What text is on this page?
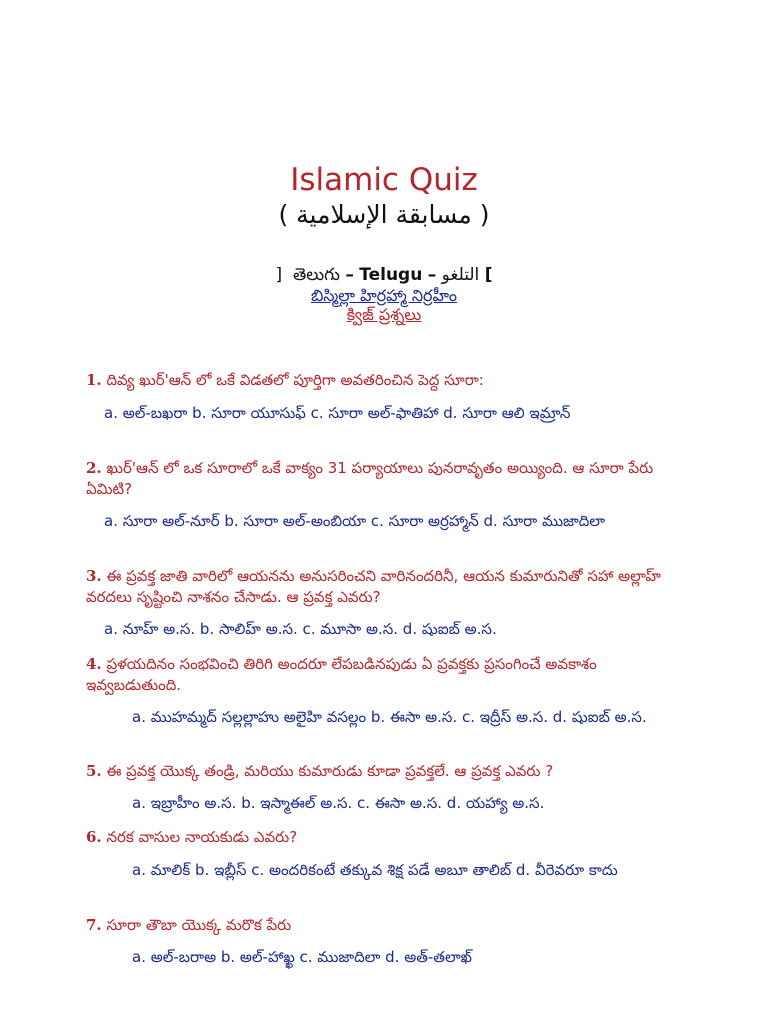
Islamic Quiz
( مسابقة الإسلامية )
] తెలుగు – Telugu – التلغو [
బిస్మిల్లా హిర్రహ్మా నిర్రహీం
క్విజ్ ప్రశ్నలు
1. దివ్య ఖుర్'ఆన్ లో ఒకే విడతలో పూర్తిగా అవతరించిన పెద్ద సూరా:
a. అల్-బఖరా b. సూరా యూసుఫ్ c. సూరా అల్-ఫాతిహా d. సూరా ఆలి ఇమ్రాన్
2. ఖుర్'ఆన్ లో ఒక సూరాలో ఒకే వాక్యం 31 పర్యాయాలు పునరావృతం అయ్యింది. ఆ సూరా పేరు ఏమిటి?
a. సూరా అల్-నూర్ b. సూరా అల్-అంబియా c. సూరా అర్రహ్మాన్ d. సూరా ముజాదిలా
3. ఈ ప్రవక్త జాతి వారిలో ఆయనను అనుసరించని వారినందరినీ, ఆయన కుమారునితో సహా అల్లాహ్ వరదలు సృష్టించి నాశనం చేసాడు. ఆ ప్రవక్త ఎవరు?
a. నూహ్ అ.స. b. సాలిహ్ అ.స. c. మూసా అ.స. d. షుఐబ్ అ.స.
4. ప్రళయదినం సంభవించి తిరిగి అందరూ లేపబడినపుడు ఏ ప్రవక్తకు ప్రసంగించే అవకాశం ఇవ్వబడుతుంది.
a. ముహమ్మద్ సల్లల్లాహు అలైహి వసల్లం b. ఈసా అ.స. c. ఇద్రీస్ అ.స. d. షుఐబ్ అ.స.
5. ఈ ప్రవక్త యొక్క తండ్రి, మరియు కుమారుడు కూడా ప్రవక్తలే. ఆ ప్రవక్త ఎవరు ?
a. ఇబ్రాహీం అ.స. b. ఇస్మాఈల్ అ.స. c. ఈసా అ.స. d. యహ్యా అ.స.
6. నరక వాసుల నాయకుడు ఎవరు?
a. మాలిక్ b. ఇబ్లీస్ c. అందరికంటే తక్కువ శిక్ష పడే అబూ తాలిబ్ d. వీరెవరూ కాదు
7. సూరా తౌబా యొక్క మరొక పేరు
a. అల్-బరాఅ b. అల్-హాఖ్ఖ c. ముజాదిలా d. అత్-తలాఖ్
